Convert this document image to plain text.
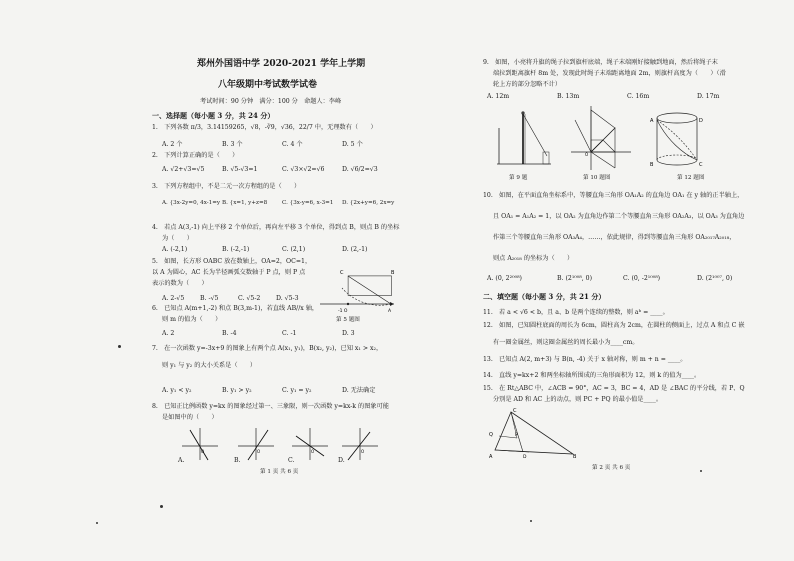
郑州外国语中学 2020-2021 学年上学期
八年级期中考试数学试卷
考试时间：90 分钟　满分：100 分　命题人：李峰
一、选择题（每小题 3 分，共 24 分）
1.　下列各数 π/3，3.14159265，√8，-∛9，√36，22/7 中，无理数有（　　）
A. 2 个	B. 3 个	C. 4 个	D. 5 个
2.　下列计算正确的是（　　）
A. √2+√3=√5	B. √5-√3=1	C. √3×√2=√6	D. √6/2=√3
3.　下列方程组中，不是二元一次方程组的是（　　）
A. {3x-2y=0, 4x-1=y B. {x=1, y+z=8	C. {3x-y=6, x-3=1 D. {2x+y=6, 2x=y
4.　若点 A(3,-1) 向上平移 2 个单位后，再向左平移 3 个单位，得到点 B，则点 B 的坐标
为（　　）
A. (-2,1)	B. (-2,-1)	C. (2,1)	D. (2,-1)
5.　如图，长方形 OABC 放在数轴上，OA=2，OC=1，
以 A 为圆心，AC 长为半径画弧交数轴于 P 点，则 P 点
表示的数为（　　）
A. 2-√5	B. -√5	C. √5-2	D. √5-3
C	B
-1 O	A
第 5 题图
6.　已知点 A(m+1,-2) 和点 B(3,m-1)，若直线 AB//x 轴，
则 m 的值为（　　）
A. 2	B. -4	C. -1	D. 3
7.　在一次函数 y=-3x+9 的图象上有两个点 A(x₁, y₁)，B(x₂, y₂)，已知 x₁ > x₂，
则 y₁ 与 y₂ 的大小关系是（　　）
A. y₁ < y₂	B. y₁ > y₂	C. y₁ = y₂	D. 无法确定
8.　已知正比例函数 y=kx 的图象经过第一、三象限，则一次函数 y=kx-k 的图象可能
是如图中的（　　）
O	O	O	O
A.	B.	C.	D.
第 1 页 共 6 页
9.　如图，小亮将升旗的绳子拉到旗杆底端，绳子末端刚好接触到地面，然后将绳子末
端拉到距离旗杆 8m 处，发现此时绳子末端距离地面 2m，则旗杆高度为（　　）（滑
轮上方的部分忽略不计）
A. 12m	B. 13m	C. 16m	D. 17m
第 9 题
O
第 10 题图
A	D
B	C
第 12 题图
10.　如图，在平面直角坐标系中，等腰直角三角形 OA₁A₂ 的直角边 OA₁ 在 y 轴的正半轴上，
且 OA₁ = A₁A₂ = 1，以 OA₂ 为直角边作第二个等腰直角三角形 OA₂A₃，以 OA₃ 为直角边
作第三个等腰直角三角形 OA₃A₄，……，依此规律，得到等腰直角三角形 OA₂₀₁₇A₂₀₁₈，
则点 A₂₀₁₈ 的坐标为（　　）
A. (0, 2²⁰⁰⁸)	B. (2¹⁰⁰⁸, 0)	C. (0, -2¹⁰⁰⁸)	D. (2¹⁰⁰⁷, 0)
二、填空题（每小题 3 分，共 21 分）
11.　若 a < √6 < b，且 a、b 是两个连续的整数，则 aᵇ = ____。
12.　如图，已知圆柱底面的周长为 6cm，圆柱高为 2cm，在圆柱的侧面上，过点 A 和点 C 嵌
有一圈金属丝，则这圈金属丝的周长最小为____cm。
13.　已知点 A(2, m+3) 与 B(n, -4) 关于 x 轴对称，则 m + n = ____。
14.　直线 y=kx+2 和两坐标轴所围成的三角形面积为 12，则 k 的值为____。
15.　在 Rt△ABC 中，∠ACB = 90°，AC = 3，BC = 4，AD 是 ∠BAC 的平分线，若 P、Q
分别是 AD 和 AC 上的动点，则 PC + PQ 的最小值是____。
C
Q	P
D
A	B
第 2 页 共 6 页
